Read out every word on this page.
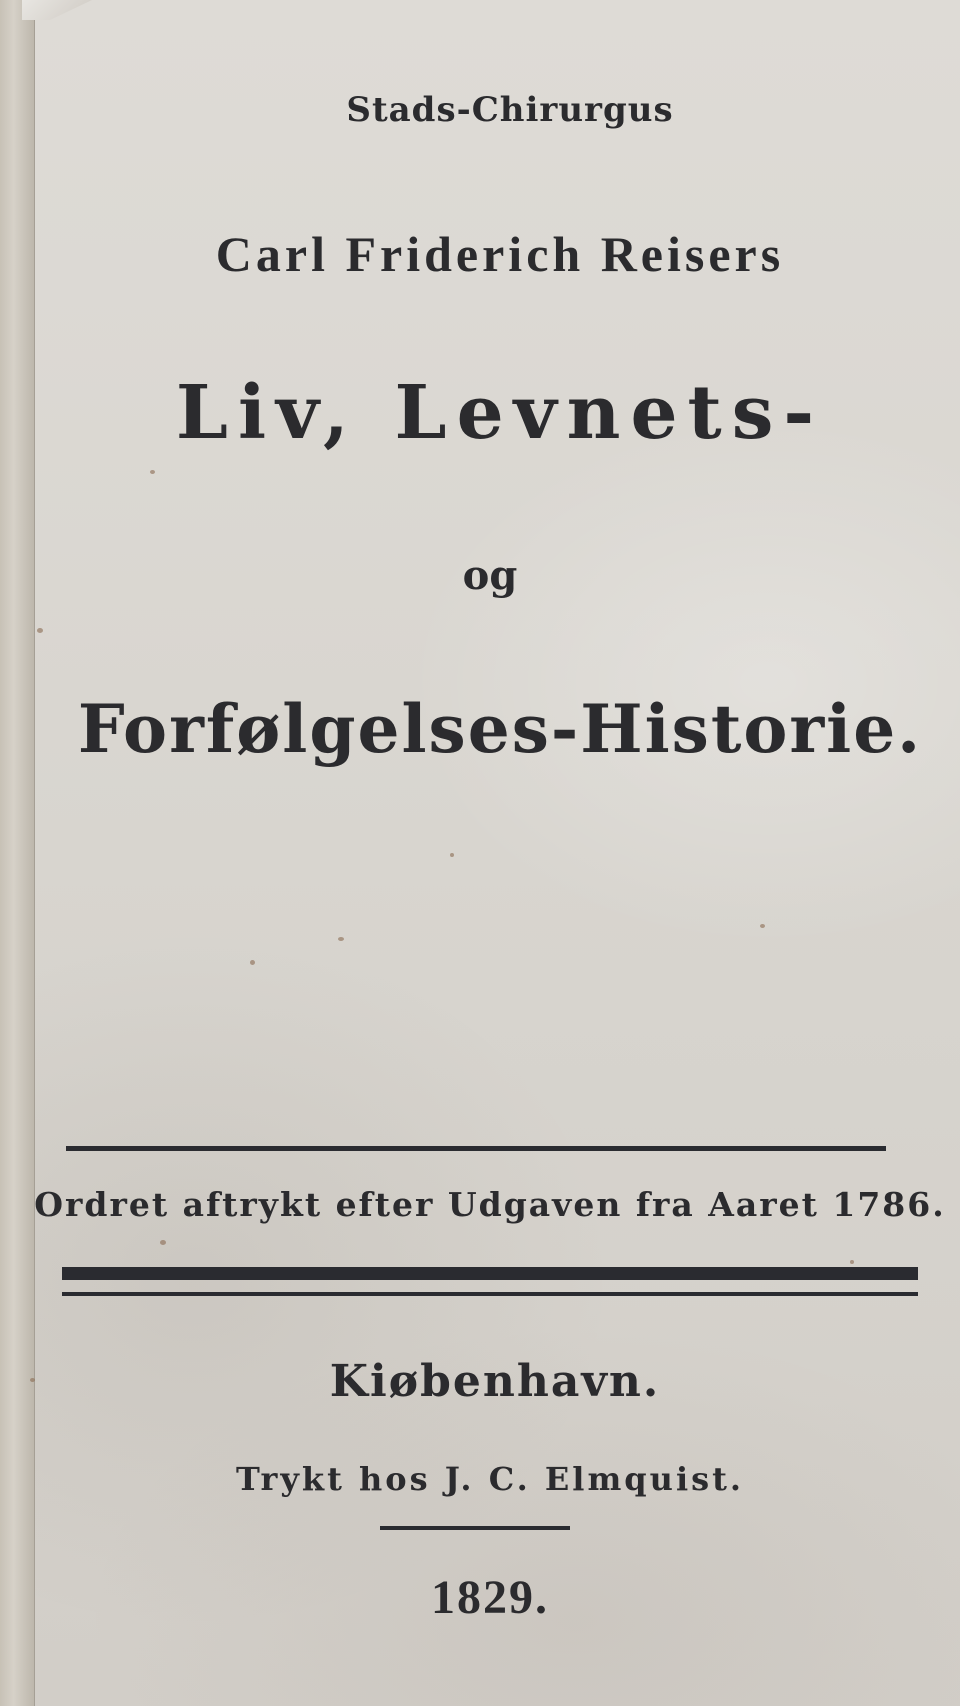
Stads-Chirurgus
Carl Friderich Reisers
Liv, Levnets-
og
Forfølgelses-Historie.
Ordret aftrykt efter Udgaven fra Aaret 1786.
Kiøbenhavn.
Trykt hos J. C. Elmquist.
1829.
